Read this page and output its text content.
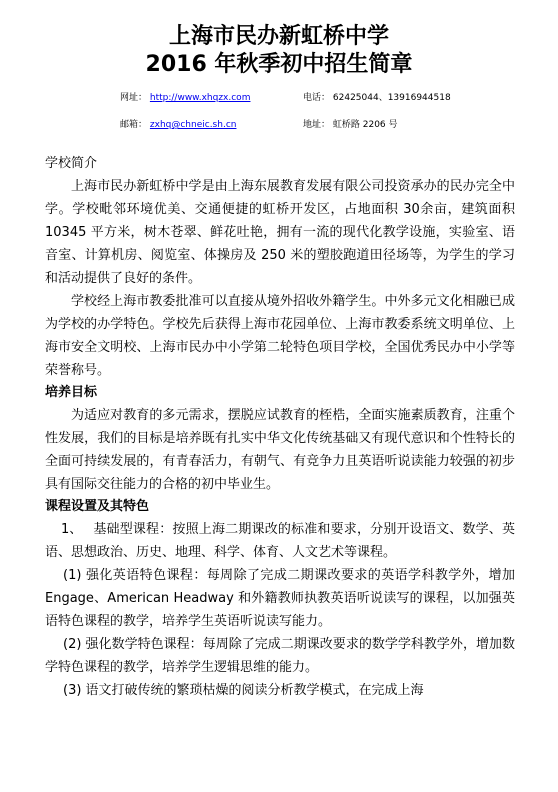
上海市民办新虹桥中学
2016 年秋季初中招生简章
网址： http://www.xhqzx.com	电话： 62425044、13916944518
邮箱： zxhq@chneic.sh.cn	地址： 虹桥路 2206 号
学校简介

上海市民办新虹桥中学是由上海东展教育发展有限公司投资承办的民办完全中学。学校毗邻环境优美、交通便捷的虹桥开发区，占地面积 30余亩，建筑面积 10345 平方米，树木苍翠、鲜花吐艳，拥有一流的现代化教学设施，实验室、语音室、计算机房、阅览室、体操房及 250 米的塑胶跑道田径场等，为学生的学习和活动提供了良好的条件。

学校经上海市教委批准可以直接从境外招收外籍学生。中外多元文化相融已成为学校的办学特色。学校先后获得上海市花园单位、上海市教委系统文明单位、上海市安全文明校、上海市民办中小学第二轮特色项目学校，全国优秀民办中小学等荣誉称号。

培养目标

为适应对教育的多元需求，摆脱应试教育的桎梏，全面实施素质教育，注重个性发展，我们的目标是培养既有扎实中华文化传统基础又有现代意识和个性特长的全面可持续发展的，有青春活力，有朝气、有竞争力且英语听说读能力较强的初步具有国际交往能力的合格的初中毕业生。

课程设置及其特色

1、 基础型课程：按照上海二期课改的标准和要求，分别开设语文、数学、英语、思想政治、历史、地理、科学、体育、人文艺术等课程。

(1) 强化英语特色课程：每周除了完成二期课改要求的英语学科教学外，增加 Engage、American Headway 和外籍教师执教英语听说读写的课程，以加强英语特色课程的教学，培养学生英语听说读写能力。

(2) 强化数学特色课程：每周除了完成二期课改要求的数学学科教学外，增加数学特色课程的教学，培养学生逻辑思维的能力。

(3) 语文打破传统的繁琐枯燥的阅读分析教学模式，在完成上海
